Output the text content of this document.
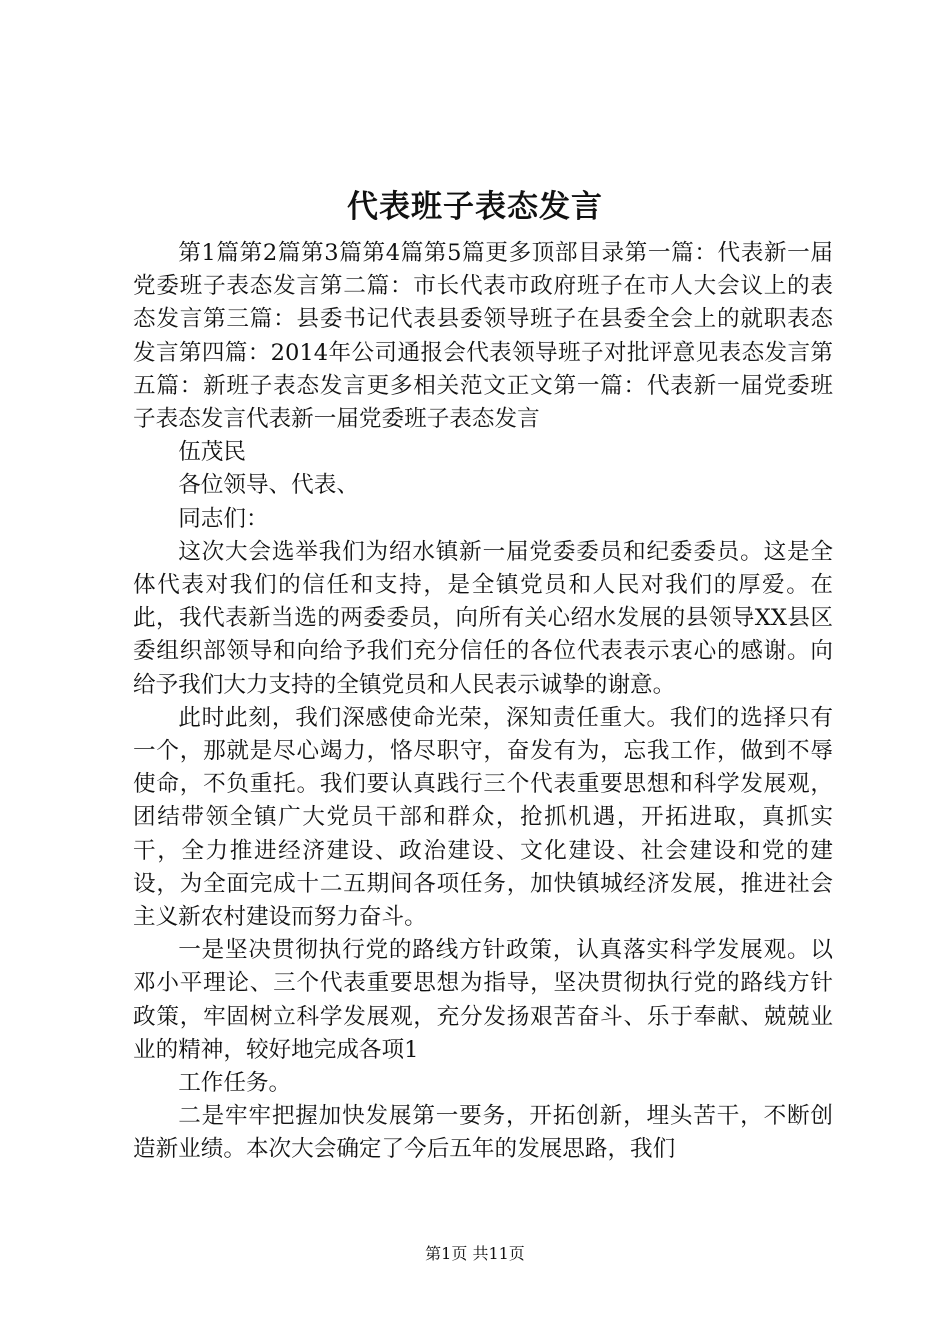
代表班子表态发言

第1篇第2篇第3篇第4篇第5篇更多顶部目录第一篇：代表新一届党委班子表态发言第二篇：市长代表市政府班子在市人大会议上的表态发言第三篇：县委书记代表县委领导班子在县委全会上的就职表态发言第四篇：2014年公司通报会代表领导班子对批评意见表态发言第五篇：新班子表态发言更多相关范文正文第一篇：代表新一届党委班子表态发言代表新一届党委班子表态发言

伍茂民

各位领导、代表、

同志们：

这次大会选举我们为绍水镇新一届党委委员和纪委委员。这是全体代表对我们的信任和支持，是全镇党员和人民对我们的厚爱。在此，我代表新当选的两委委员，向所有关心绍水发展的县领导XX县区委组织部领导和向给予我们充分信任的各位代表表示衷心的感谢。向给予我们大力支持的全镇党员和人民表示诚挚的谢意。

此时此刻，我们深感使命光荣，深知责任重大。我们的选择只有一个，那就是尽心竭力，恪尽职守，奋发有为，忘我工作，做到不辱使命，不负重托。我们要认真践行三个代表重要思想和科学发展观，团结带领全镇广大党员干部和群众，抢抓机遇，开拓进取，真抓实干，全力推进经济建设、政治建设、文化建设、社会建设和党的建设，为全面完成十二五期间各项任务，加快镇城经济发展，推进社会主义新农村建设而努力奋斗。

一是坚决贯彻执行党的路线方针政策，认真落实科学发展观。以邓小平理论、三个代表重要思想为指导，坚决贯彻执行党的路线方针政策，牢固树立科学发展观，充分发扬艰苦奋斗、乐于奉献、兢兢业业的精神，较好地完成各项1

工作任务。

二是牢牢把握加快发展第一要务，开拓创新，埋头苦干，不断创造新业绩。本次大会确定了今后五年的发展思路，我们

第1页 共11页
